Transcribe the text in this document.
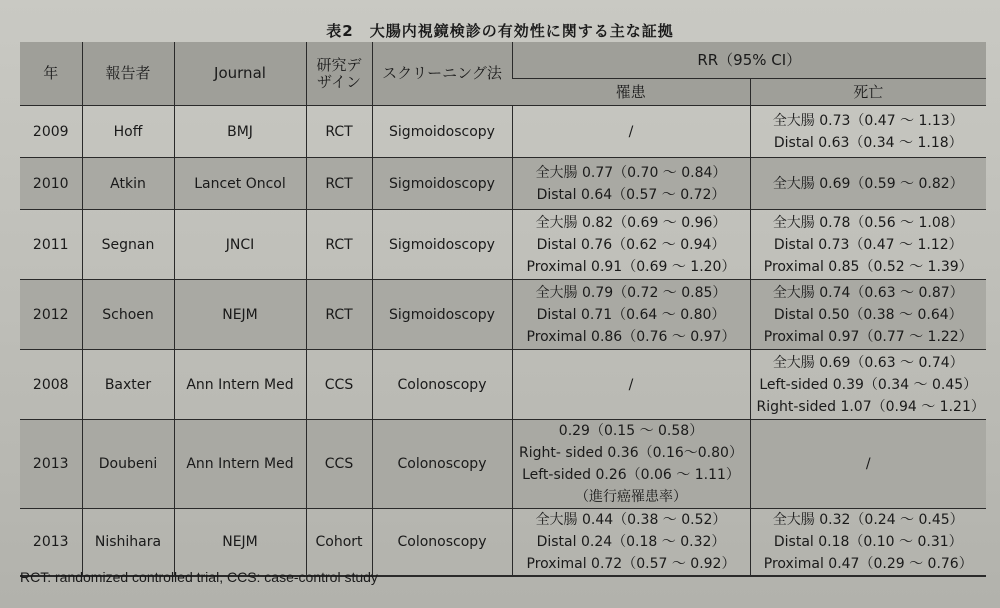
表2　大腸内視鏡検診の有効性に関する主な証拠
年	報告者	Journal	研究デザイン	スクリーニング法	RR（95% CI）	
					罹患	死亡
2009	Hoff	BMJ	RCT	Sigmoidoscopy	/	全大腸 0.73（0.47 ～ 1.13）
Distal 0.63（0.34 ～ 1.18）

2010	Atkin	Lancet Oncol	RCT	Sigmoidoscopy	全大腸 0.77（0.70 ～ 0.84）
Distal 0.64（0.57 ～ 0.72）	全大腸 0.69（0.59 ～ 0.82）

2011	Segnan	JNCI	RCT	Sigmoidoscopy	全大腸 0.82（0.69 ～ 0.96）
Distal 0.76（0.62 ～ 0.94）
Proximal 0.91（0.69 ～ 1.20）	全大腸 0.78（0.56 ～ 1.08）
Distal 0.73（0.47 ～ 1.12）
Proximal 0.85（0.52 ～ 1.39）

2012	Schoen	NEJM	RCT	Sigmoidoscopy	全大腸 0.79（0.72 ～ 0.85）
Distal 0.71（0.64 ～ 0.80）
Proximal 0.86（0.76 ～ 0.97）	全大腸 0.74（0.63 ～ 0.87）
Distal 0.50（0.38 ～ 0.64）
Proximal 0.97（0.77 ～ 1.22）

2008	Baxter	Ann Intern Med	CCS	Colonoscopy	/	全大腸 0.69（0.63 ～ 0.74）
Left-sided 0.39（0.34 ～ 0.45）
Right-sided 1.07（0.94 ～ 1.21）

2013	Doubeni	Ann Intern Med	CCS	Colonoscopy	0.29（0.15 ～ 0.58）
Right- sided 0.36（0.16～0.80）
Left-sided 0.26（0.06 ～ 1.11）
（進行癌罹患率）	/

2013	Nishihara	NEJM	Cohort	Colonoscopy	全大腸 0.44（0.38 ～ 0.52）
Distal 0.24（0.18 ～ 0.32）
Proximal 0.72（0.57 ～ 0.92）	全大腸 0.32（0.24 ～ 0.45）
Distal 0.18（0.10 ～ 0.31）
Proximal 0.47（0.29 ～ 0.76）
RCT: randomized controlled trial, CCS: case-control study
